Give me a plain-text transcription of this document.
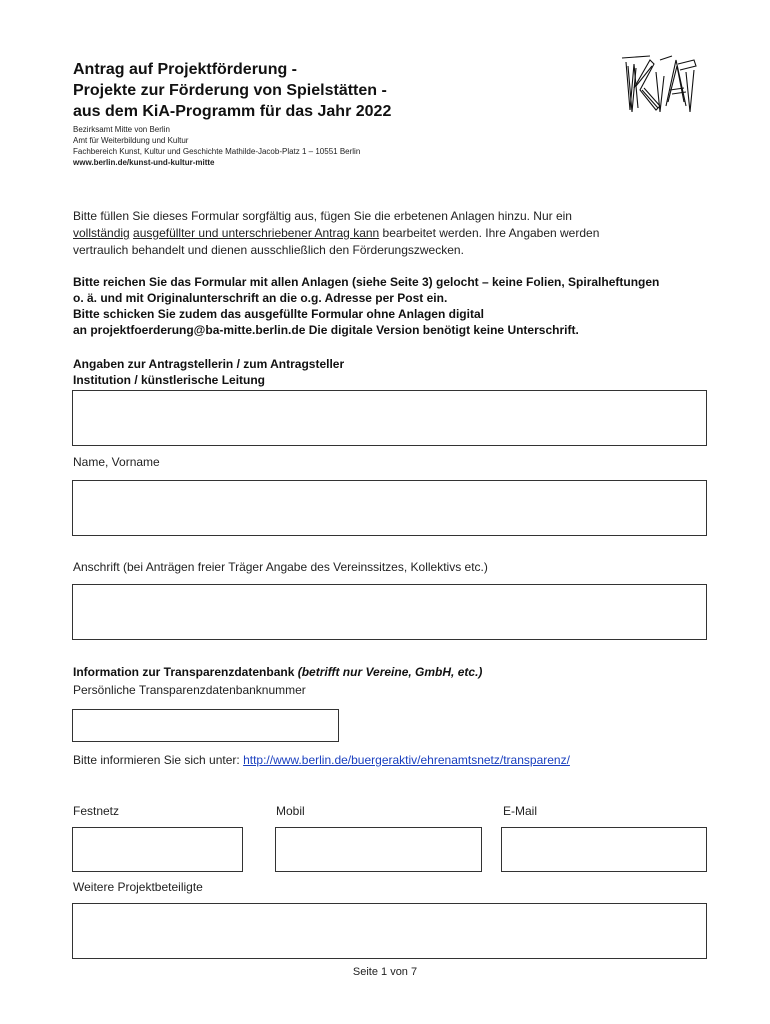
Antrag auf Projektförderung -
Projekte zur Förderung von Spielstätten -
aus dem KiA-Programm für das Jahr 2022
Bezirksamt Mitte von Berlin
Amt für Weiterbildung und Kultur
Fachbereich Kunst, Kultur und Geschichte Mathilde-Jacob-Platz 1 – 10551 Berlin
www.berlin.de/kunst-und-kultur-mitte
Bitte füllen Sie dieses Formular sorgfältig aus, fügen Sie die erbetenen Anlagen hinzu. Nur ein
vollständig ausgefüllter und unterschriebener Antrag kann bearbeitet werden. Ihre Angaben werden
vertraulich behandelt und dienen ausschließlich den Förderungszwecken.
Bitte reichen Sie das Formular mit allen Anlagen (siehe Seite 3) gelocht – keine Folien, Spiralheftungen
o. ä. und mit Originalunterschrift an die o.g. Adresse per Post ein.
Bitte schicken Sie zudem das ausgefüllte Formular ohne Anlagen digital
an projektfoerderung@ba-mitte.berlin.de Die digitale Version benötigt keine Unterschrift.
Angaben zur Antragstellerin / zum Antragsteller
Institution / künstlerische Leitung
Name, Vorname
Anschrift (bei Anträgen freier Träger Angabe des Vereinssitzes, Kollektivs etc.)
Information zur Transparenzdatenbank (betrifft nur Vereine, GmbH, etc.)
Persönliche Transparenzdatenbanknummer
Bitte informieren Sie sich unter: http://www.berlin.de/buergeraktiv/ehrenamtsnetz/transparenz/
Festnetz	Mobil	E-Mail
Weitere Projektbeteiligte
Seite 1 von 7
